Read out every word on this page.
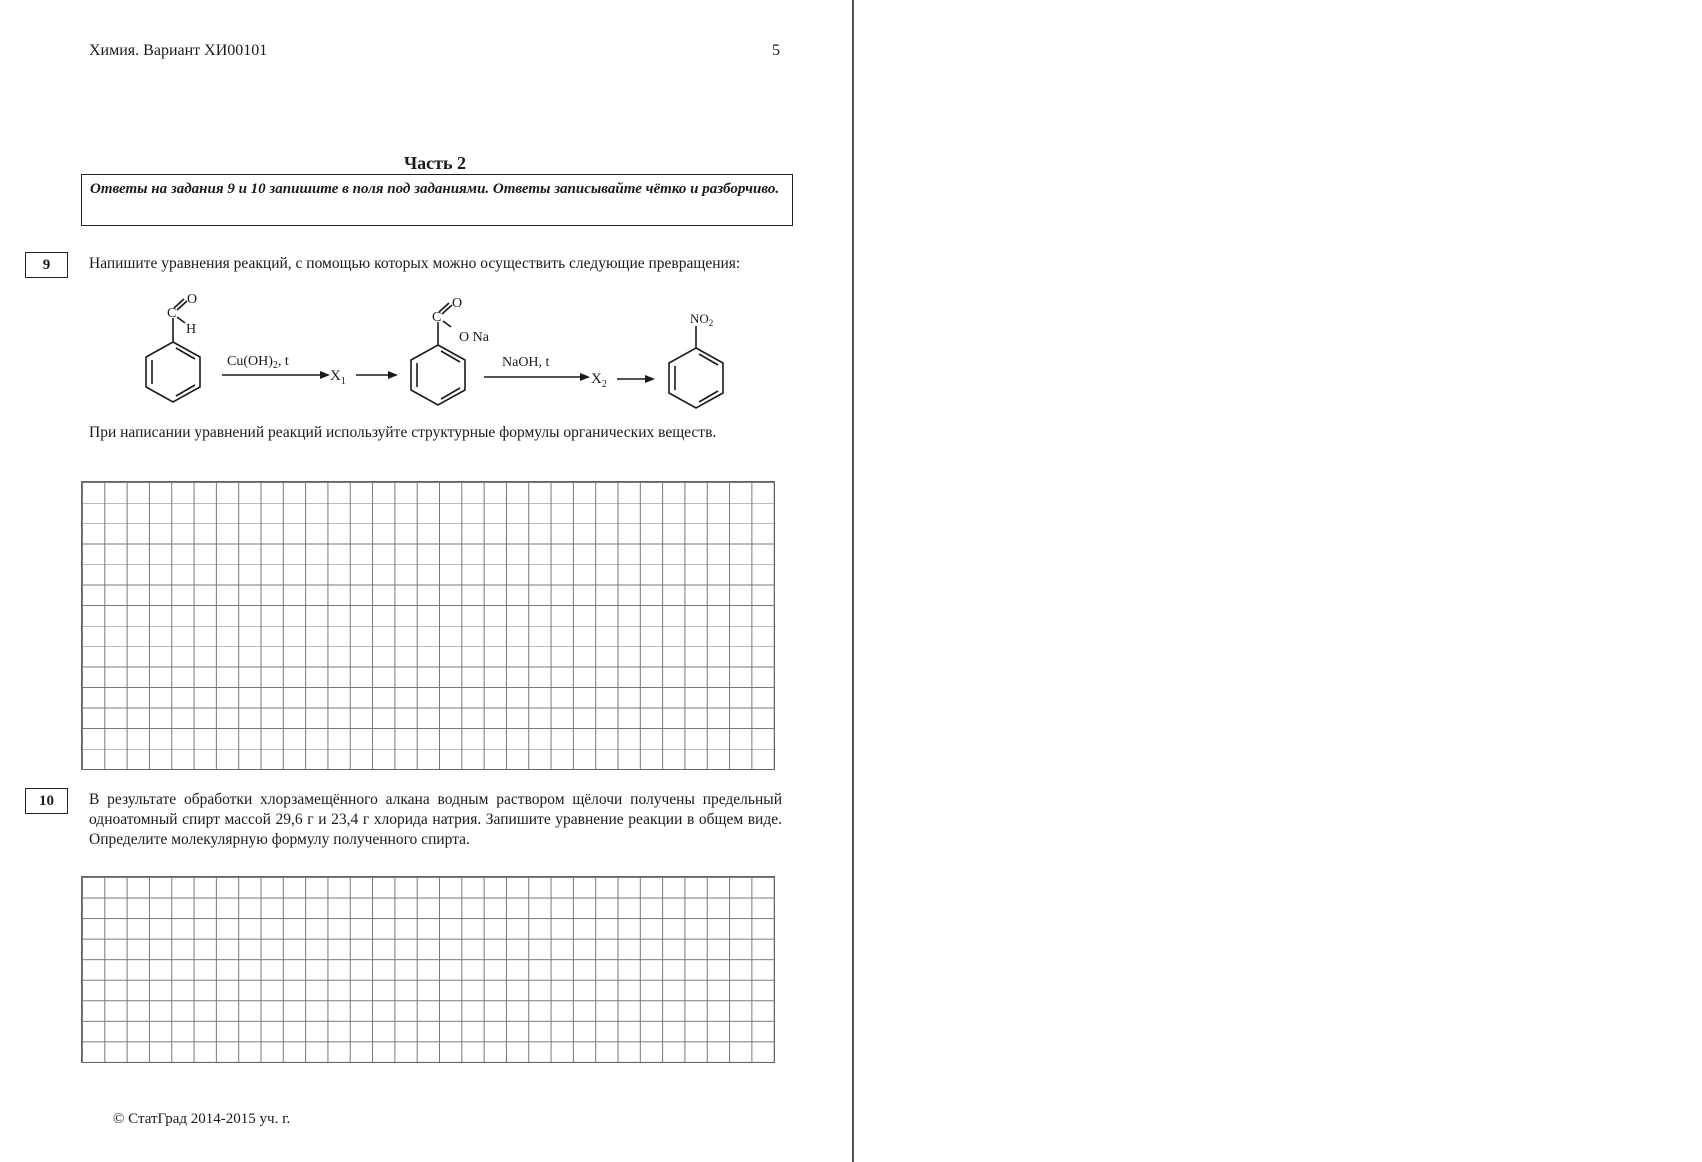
Химия. Вариант ХИ00101	5
Часть 2
Ответы на задания 9 и 10 запишите в поля под заданиями. Ответы записывайте чётко и разборчиво.
9	Напишите уравнения реакций, с помощью которых можно осуществить следующие превращения:
C
O
H
$Cu(OH)_2$, t
$X_1$
C
O
O Na
NaOH, t
$X_2$
$NO_2$
При написании уравнений реакций используйте структурные формулы органических веществ.
10	В результате обработки хлорзамещённого алкана водным раствором щёлочи получены предельный одноатомный спирт массой 29,6 г и 23,4 г хлорида натрия. Запишите уравнение реакции в общем виде. Определите молекулярную формулу полученного спирта.
© СтатГрад 2014-2015 уч. г.
